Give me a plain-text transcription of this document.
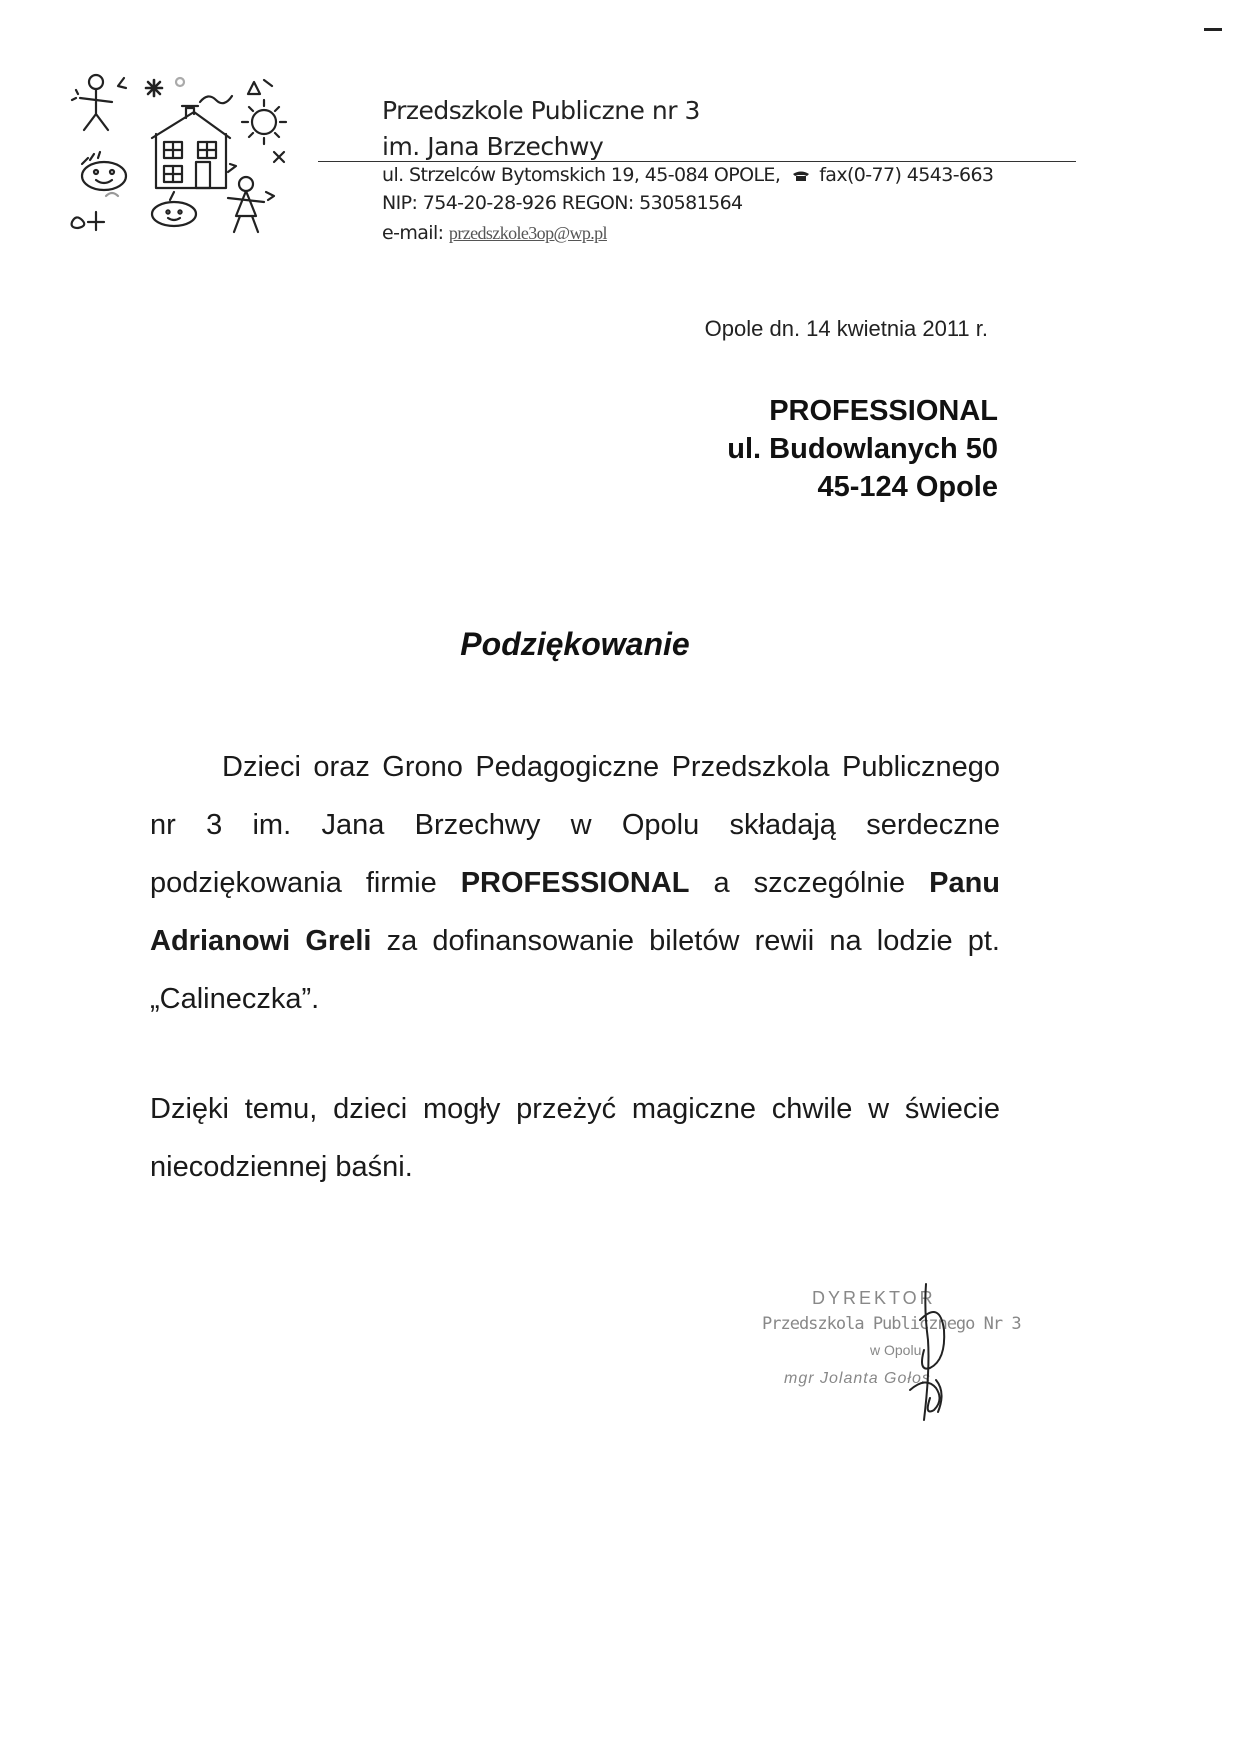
Przedszkole Publiczne nr 3
im. Jana Brzechwy
ul. Strzelców Bytomskich 19, 45-084 OPOLE, fax(0-77) 4543-663
NIP: 754-20-28-926 REGON: 530581564
e-mail: przedszkole3op@wp.pl
Opole dn. 14 kwietnia 2011 r.
PROFESSIONAL
ul. Budowlanych 50
45-124 Opole
Podziękowanie
Dzieci oraz Grono Pedagogiczne Przedszkola Publicznego nr 3 im. Jana Brzechwy w Opolu składają serdeczne podziękowania firmie PROFESSIONAL a szczególnie Panu Adrianowi Greli za dofinansowanie biletów rewii na lodzie pt. „Calineczka”.
Dzięki temu, dzieci mogły przeżyć magiczne chwile w świecie niecodziennej baśni.
DYREKTOR
Przedszkola Publicznego Nr 3
w Opolu
mgr Jolanta Gołos
